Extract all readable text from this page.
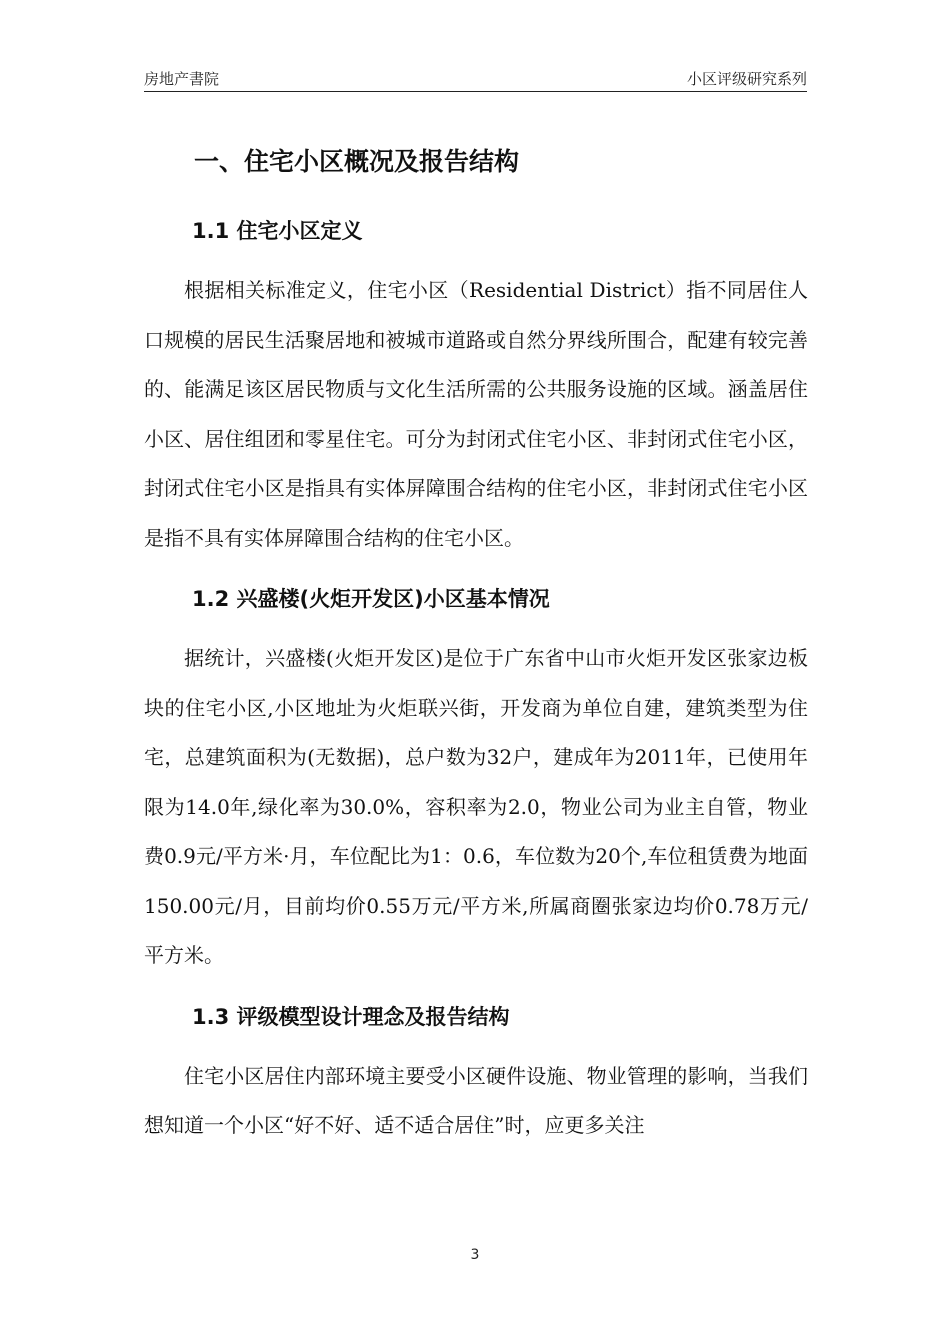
房地产書院	小区评级研究系列
一、住宅小区概况及报告结构
1.1 住宅小区定义

根据相关标准定义，住宅小区（Residential District）指不同居住人口规模的居民生活聚居地和被城市道路或自然分界线所围合，配建有较完善的、能满足该区居民物质与文化生活所需的公共服务设施的区域。涵盖居住小区、居住组团和零星住宅。可分为封闭式住宅小区、非封闭式住宅小区，封闭式住宅小区是指具有实体屏障围合结构的住宅小区，非封闭式住宅小区是指不具有实体屏障围合结构的住宅小区。

1.2 兴盛楼(火炬开发区)小区基本情况

据统计，兴盛楼(火炬开发区)是位于广东省中山市火炬开发区张家边板块的住宅小区,小区地址为火炬联兴街，开发商为单位自建，建筑类型为住宅，总建筑面积为(无数据)，总户数为32户，建成年为2011年，已使用年限为14.0年,绿化率为30.0%，容积率为2.0，物业公司为业主自管，物业费0.9元/平方米·月，车位配比为1：0.6，车位数为20个,车位租赁费为地面150.00元/月，目前均价0.55万元/平方米,所属商圈张家边均价0.78万元/平方米。

1.3 评级模型设计理念及报告结构

住宅小区居住内部环境主要受小区硬件设施、物业管理的影响，当我们想知道一个小区“好不好、适不适合居住”时，应更多关注

3
